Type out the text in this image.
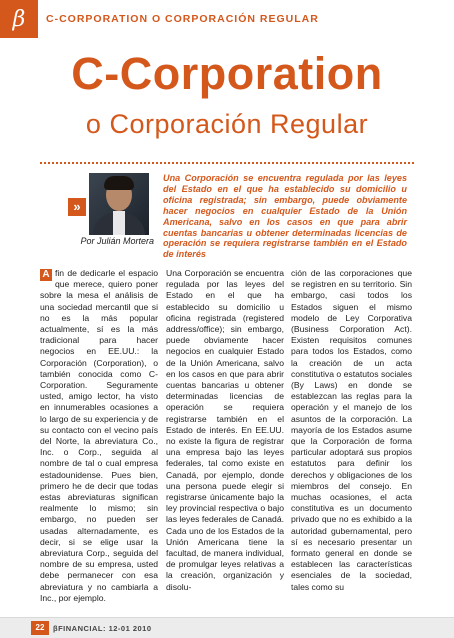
β	C-CORPORATION O CORPORACIÓN REGULAR
C-Corporation
o Corporación Regular
»
Por Julián Mortera

Una Corporación se encuentra regulada por las leyes del Estado en el que ha establecido su domicilio u oficina registrada; sin embargo, puede obviamente hacer negocios en cualquier Estado de la Unión Americana, salvo en los casos en que para abrir cuentas bancarias u obtener determinadas licencias de operación se requiera registrarse también en el Estado de interés

A fin de dedicarle el espacio que merece, quiero poner sobre la mesa el análisis de una sociedad mercantil que si no es la más popular actualmente, sí es la más tradicional para hacer negocios en EE.UU.: la Corporación (Corporation), o también conocida como C-Corporation. Seguramente usted, amigo lector, ha visto en innumerables ocasiones a lo largo de su experiencia y de su contacto con el vecino país del Norte, la abreviatura Co., Inc. o Corp., seguida al nombre de tal o cual empresa estadounidense. Pues bien, primero he de decir que todas estas abreviaturas significan realmente lo mismo; sin embargo, no pueden ser usadas alternadamente, es decir, si se elige usar la abreviatura Corp., seguida del nombre de su empresa, usted debe permanecer con esa abreviatura y no cambiarla a Inc., por ejemplo.

Una Corporación se encuentra regulada por las leyes del Estado en el que ha establecido su domicilio u oficina registrada (registered address/office); sin embargo, puede obviamente hacer negocios en cualquier Estado de la Unión Americana, salvo en los casos en que para abrir cuentas bancarias u obtener determinadas licencias de operación se requiera registrarse también en el Estado de interés. En EE.UU. no existe la figura de registrar una empresa bajo las leyes federales, tal como existe en Canadá, por ejemplo, donde una persona puede elegir si registrarse únicamente bajo la ley provincial respectiva o bajo las leyes federales de Canadá. Cada uno de los Estados de la Unión Americana tiene la facultad, de manera individual, de promulgar leyes relativas a la creación, organización y disolu-

ción de las corporaciones que se registren en su territorio. Sin embargo, casi todos los Estados siguen el mismo modelo de Ley Corporativa (Business Corporation Act). Existen requisitos comunes para todos los Estados, como la creación de un acta constitutiva o estatutos sociales (By Laws) en donde se establezcan las reglas para la operación y el manejo de los asuntos de la corporación. La mayoría de los Estados asume que la Corporación de forma particular adoptará sus propios estatutos para definir los derechos y obligaciones de los miembros del consejo. En muchas ocasiones, el acta constitutiva es un documento privado que no es exhibido a la autoridad gubernamental, pero sí es necesario presentar un formato general en donde se establecen las características esenciales de la sociedad, tales como su

22	βFINANCIAL: 12-01 2010
